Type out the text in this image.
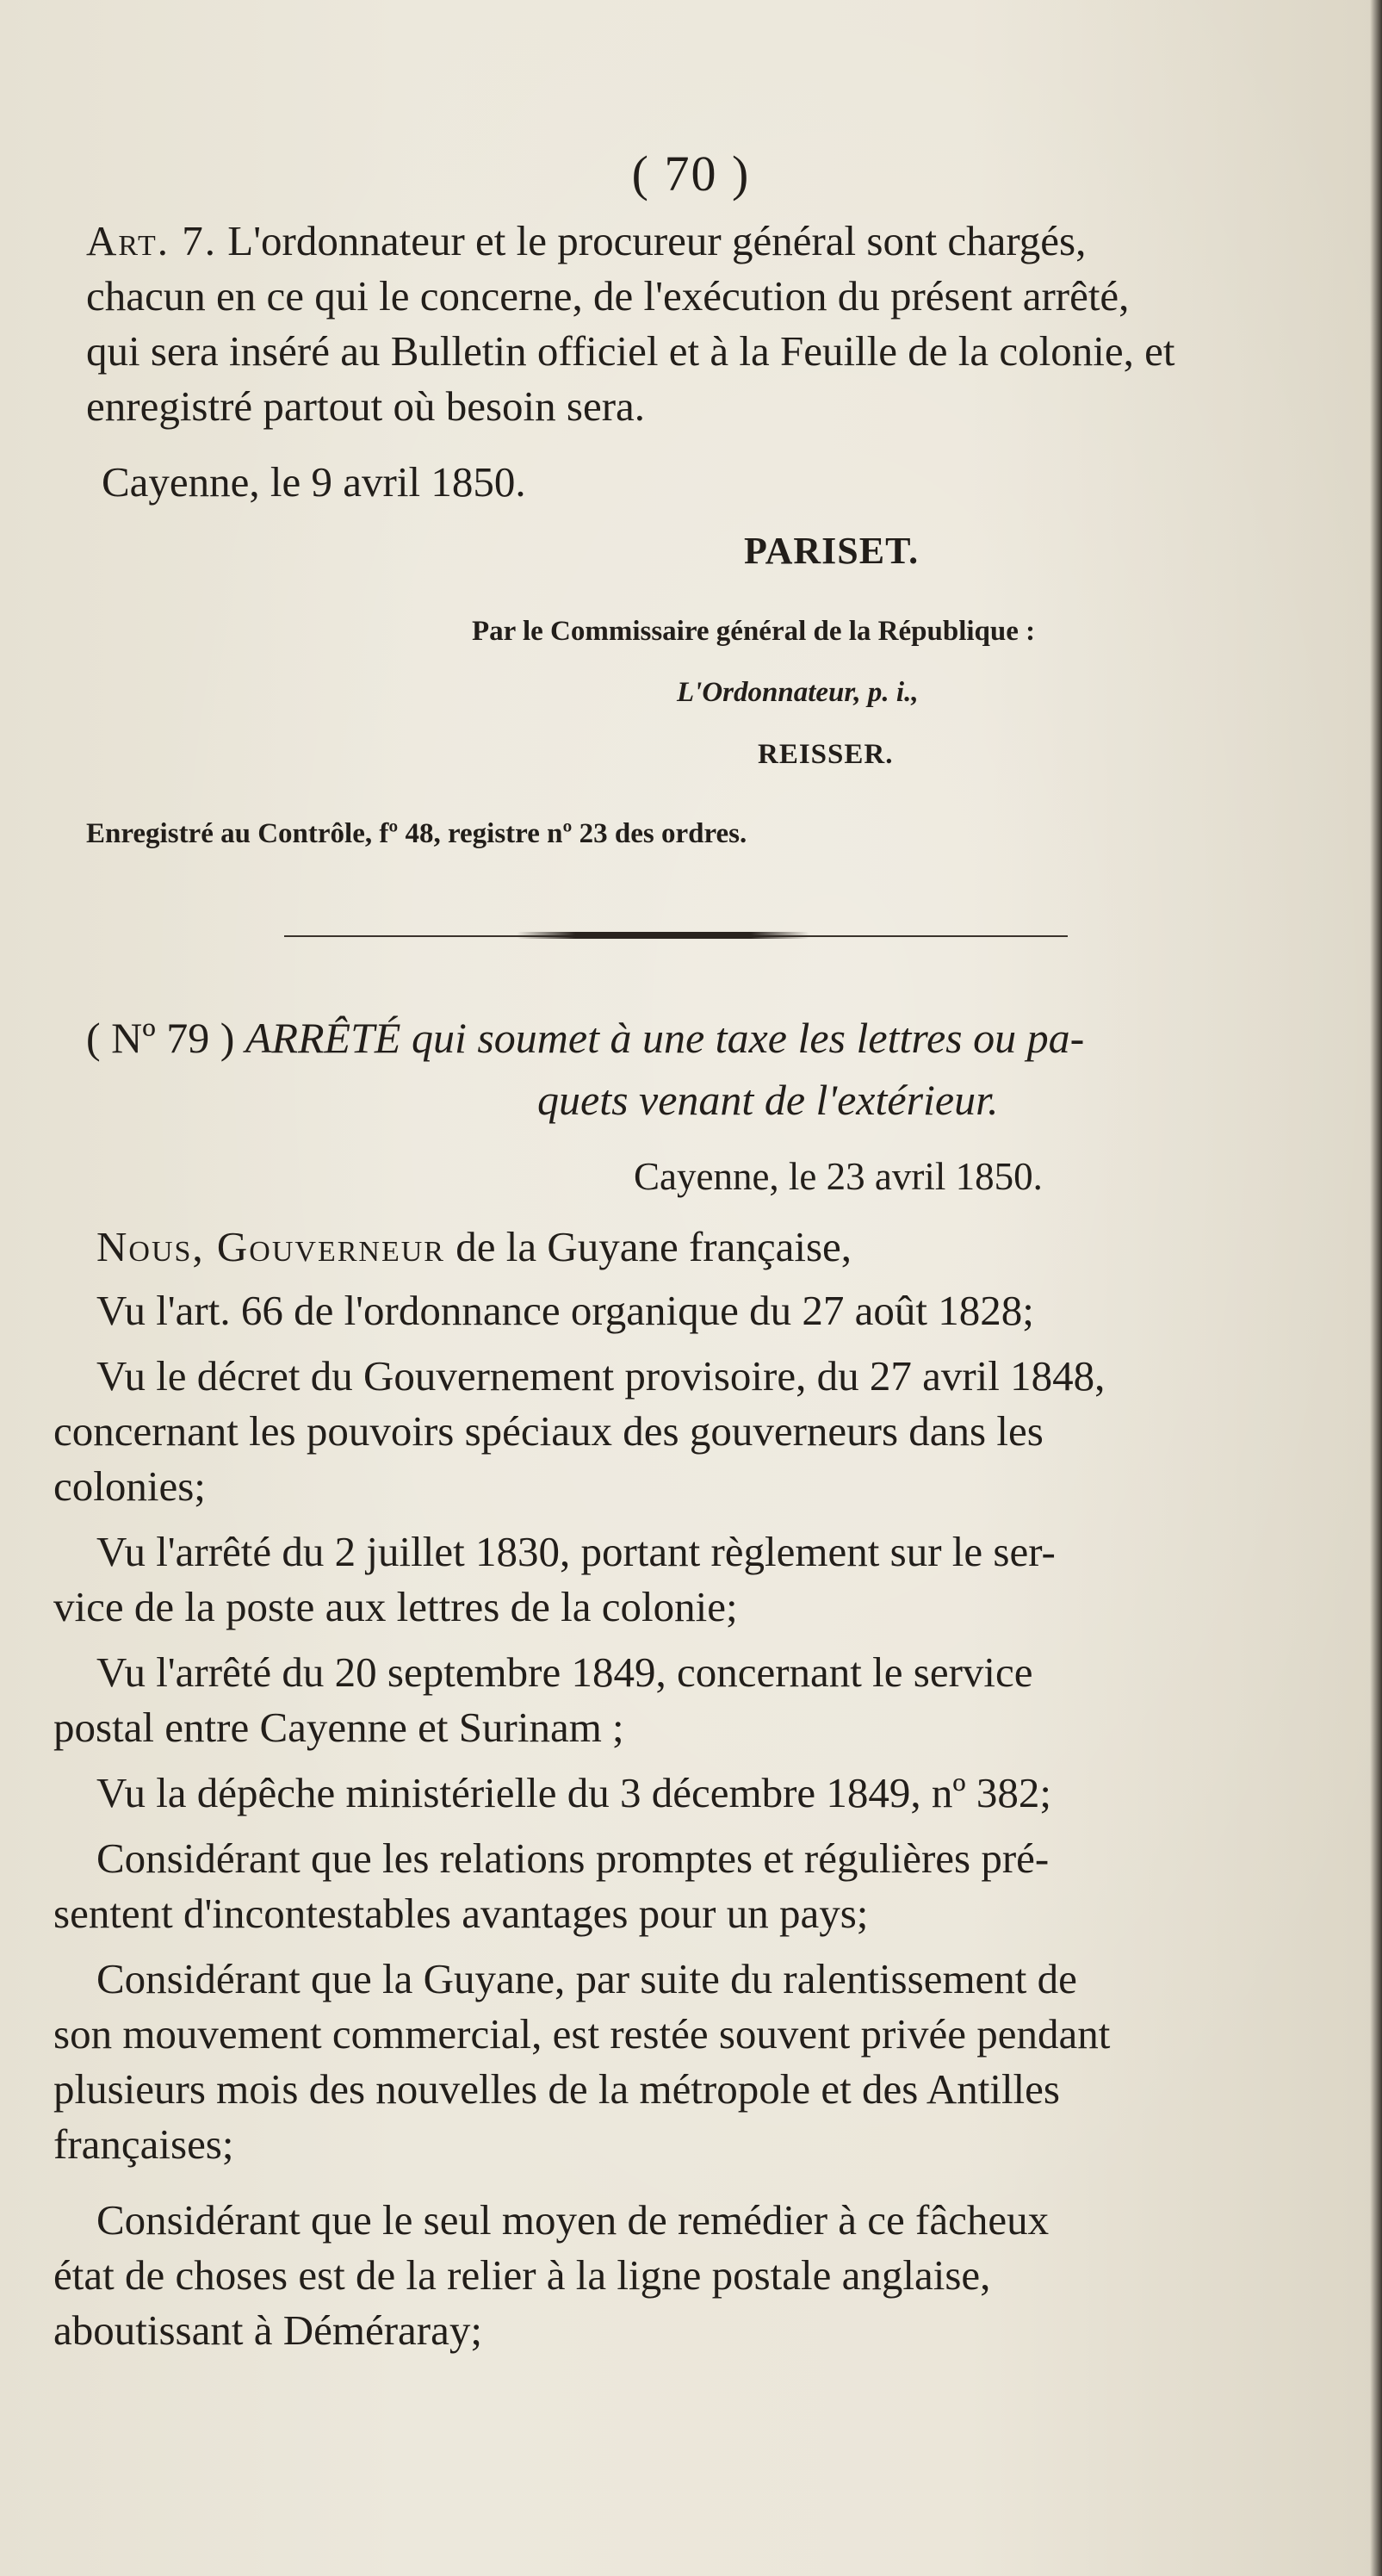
( 70 )
Art. 7. L'ordonnateur et le procureur général sont chargés,
chacun en ce qui le concerne, de l'exécution du présent arrêté,
qui sera inséré au Bulletin officiel et à la Feuille de la colonie, et
enregistré partout où besoin sera.
Cayenne, le 9 avril 1850.
PARISET.
Par le Commissaire général de la République :
L'Ordonnateur, p. i.,
REISSER.
Enregistré au Contrôle, fº 48, registre nº 23 des ordres.
( Nº 79 ) ARRÊTÉ qui soumet à une taxe les lettres ou pa-
quets venant de l'extérieur.
Cayenne, le 23 avril 1850.
Nous, Gouverneur de la Guyane française,
Vu l'art. 66 de l'ordonnance organique du 27 août 1828;
Vu le décret du Gouvernement provisoire, du 27 avril 1848,
concernant les pouvoirs spéciaux des gouverneurs dans les
colonies;
Vu l'arrêté du 2 juillet 1830, portant règlement sur le ser-
vice de la poste aux lettres de la colonie;
Vu l'arrêté du 20 septembre 1849, concernant le service
postal entre Cayenne et Surinam ;
Vu la dépêche ministérielle du 3 décembre 1849, nº 382;
Considérant que les relations promptes et régulières pré-
sentent d'incontestables avantages pour un pays;
Considérant que la Guyane, par suite du ralentissement de
son mouvement commercial, est restée souvent privée pendant
plusieurs mois des nouvelles de la métropole et des Antilles
françaises;
Considérant que le seul moyen de remédier à ce fâcheux
état de choses est de la relier à la ligne postale anglaise,
aboutissant à Déméraray;
